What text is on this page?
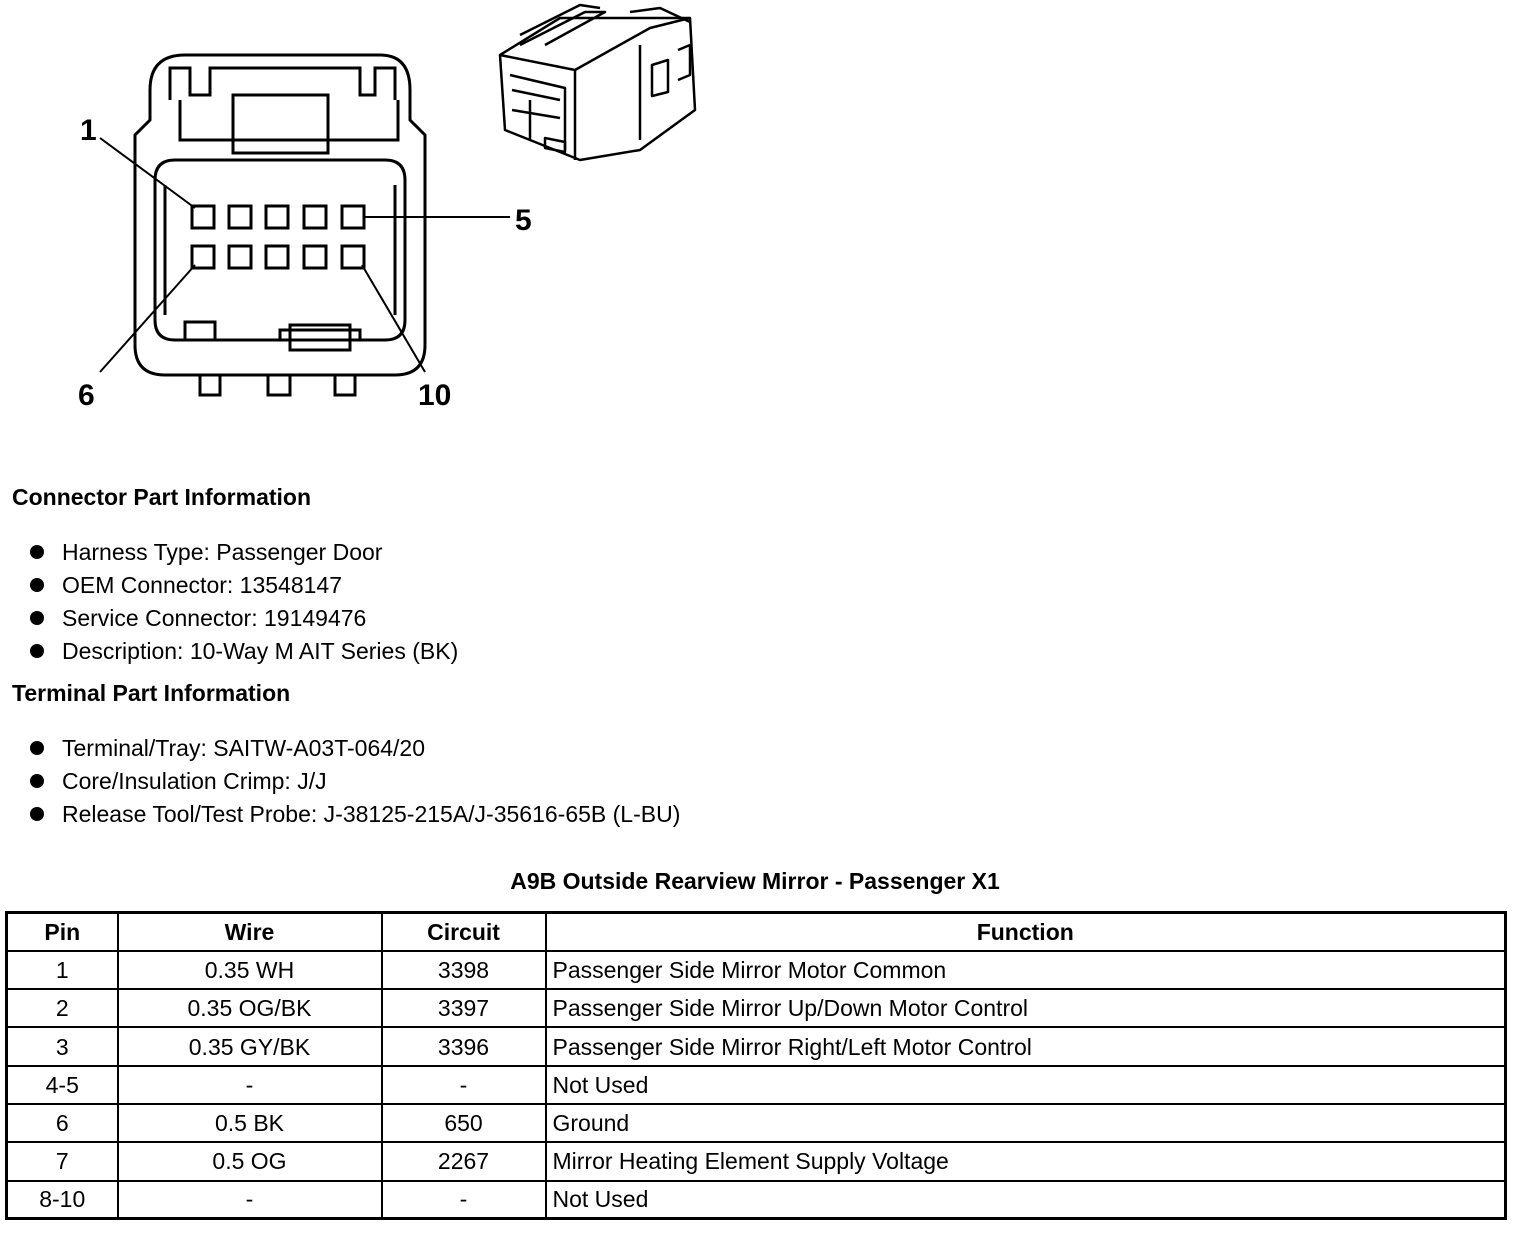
1
5
6	10
Connector Part Information
Harness Type: Passenger Door
OEM Connector: 13548147
Service Connector: 19149476
Description: 10-Way M AIT Series (BK)
Terminal Part Information
Terminal/Tray: SAITW-A03T-064/20
Core/Insulation Crimp: J/J
Release Tool/Test Probe: J-38125-215A/J-35616-65B (L-BU)
A9B Outside Rearview Mirror - Passenger X1
Pin	Wire	Circuit	Function
1	0.35 WH	3398	Passenger Side Mirror Motor Common
2	0.35 OG/BK	3397	Passenger Side Mirror Up/Down Motor Control
3	0.35 GY/BK	3396	Passenger Side Mirror Right/Left Motor Control
4-5	-	-	Not Used
6	0.5 BK	650	Ground
7	0.5 OG	2267	Mirror Heating Element Supply Voltage
8-10	-	-	Not Used
